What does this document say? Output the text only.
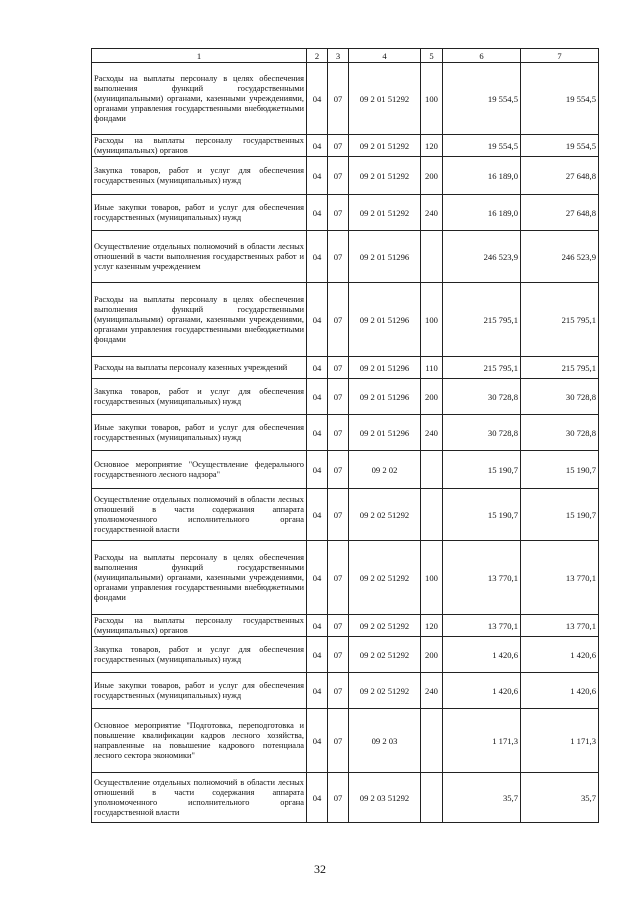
1	2	3	4	5	6	7
Расходы на выплаты персоналу в целях обеспечения выполнения функций государственными (муниципальными) органами, казенными учреждениями, органами управления государственными внебюджетными фондами	04	07	09 2 01 51292	100	19 554,5	19 554,5
Расходы на выплаты персоналу государственных (муниципальных) органов	04	07	09 2 01 51292	120	19 554,5	19 554,5
Закупка товаров, работ и услуг для обеспечения государственных (муниципальных) нужд	04	07	09 2 01 51292	200	16 189,0	27 648,8
Иные закупки товаров, работ и услуг для обеспечения государственных (муниципальных) нужд	04	07	09 2 01 51292	240	16 189,0	27 648,8
Осуществление отдельных полномочий в области лесных отношений в части выполнения государственных работ и услуг казенным учреждением	04	07	09 2 01 51296		246 523,9	246 523,9
Расходы на выплаты персоналу в целях обеспечения выполнения функций государственными (муниципальными) органами, казенными учреждениями, органами управления государственными внебюджетными фондами	04	07	09 2 01 51296	100	215 795,1	215 795,1
Расходы на выплаты персоналу казенных учреждений	04	07	09 2 01 51296	110	215 795,1	215 795,1
Закупка товаров, работ и услуг для обеспечения государственных (муниципальных) нужд	04	07	09 2 01 51296	200	30 728,8	30 728,8
Иные закупки товаров, работ и услуг для обеспечения государственных (муниципальных) нужд	04	07	09 2 01 51296	240	30 728,8	30 728,8
Основное мероприятие "Осуществление федерального государственного лесного надзора"	04	07	09 2 02		15 190,7	15 190,7
Осуществление отдельных полномочий в области лесных отношений в части содержания аппарата уполномоченного исполнительного органа государственной власти	04	07	09 2 02 51292		15 190,7	15 190,7
Расходы на выплаты персоналу в целях обеспечения выполнения функций государственными (муниципальными) органами, казенными учреждениями, органами управления государственными внебюджетными фондами	04	07	09 2 02 51292	100	13 770,1	13 770,1
Расходы на выплаты персоналу государственных (муниципальных) органов	04	07	09 2 02 51292	120	13 770,1	13 770,1
Закупка товаров, работ и услуг для обеспечения государственных (муниципальных) нужд	04	07	09 2 02 51292	200	1 420,6	1 420,6
Иные закупки товаров, работ и услуг для обеспечения государственных (муниципальных) нужд	04	07	09 2 02 51292	240	1 420,6	1 420,6
Основное мероприятие "Подготовка, переподготовка и повышение квалификации кадров лесного хозяйства, направленные на повышение кадрового потенциала лесного сектора экономики"	04	07	09 2 03		1 171,3	1 171,3
Осуществление отдельных полномочий в области лесных отношений в части содержания аппарата уполномоченного исполнительного органа государственной власти	04	07	09 2 03 51292		35,7	35,7
32
